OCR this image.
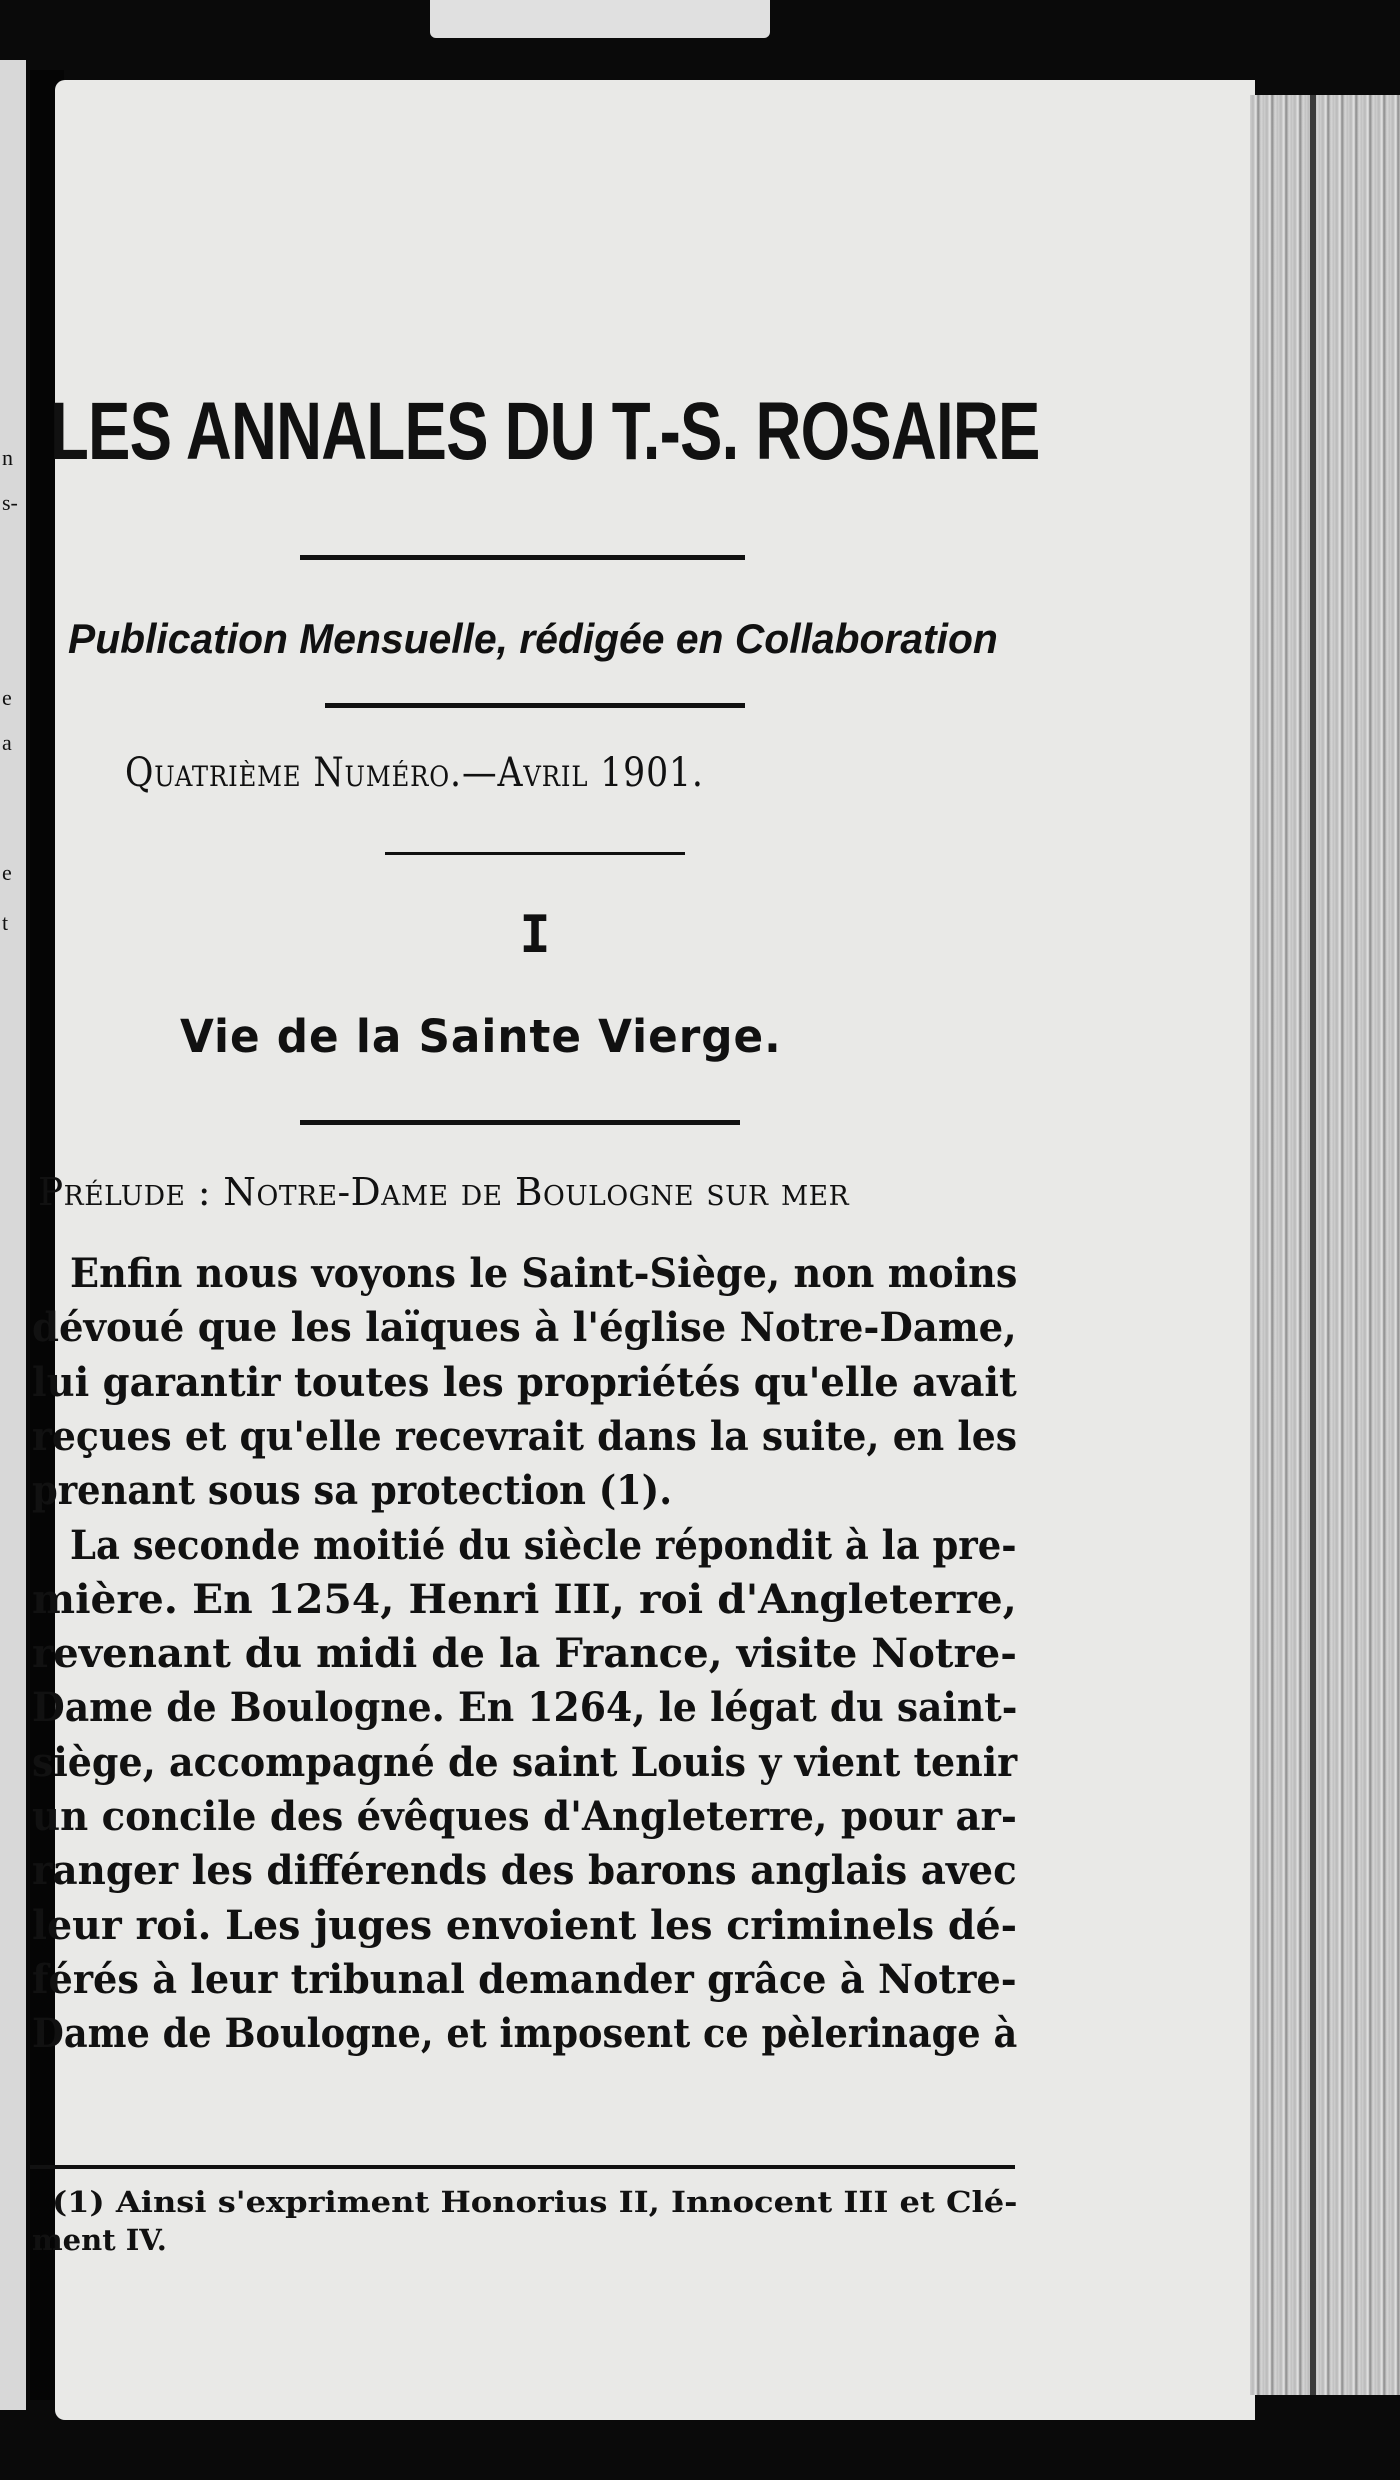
n
s-
e
a
e
t
LES ANNALES DU T.-S. ROSAIRE
Publication Mensuelle, rédigée en Collaboration
Quatrième Numéro.—Avril 1901.
I
Vie de la Sainte Vierge.
Prélude : Notre-Dame de Boulogne sur mer
Enfin nous voyons le Saint-Siège, non moins
dévoué que les laïques à l'église Notre-Dame,
lui garantir toutes les propriétés qu'elle avait
reçues et qu'elle recevrait dans la suite, en les
prenant sous sa protection (1).
La seconde moitié du siècle répondit à la pre-
mière. En 1254, Henri III, roi d'Angleterre,
revenant du midi de la France, visite Notre-
Dame de Boulogne. En 1264, le légat du saint-
siège, accompagné de saint Louis y vient tenir
un concile des évêques d'Angleterre, pour ar-
ranger les différends des barons anglais avec
leur roi. Les juges envoient les criminels dé-
férés à leur tribunal demander grâce à Notre-
Dame de Boulogne, et imposent ce pèlerinage à
(1) Ainsi s'expriment Honorius II, Innocent III et Clé-
ment IV.
